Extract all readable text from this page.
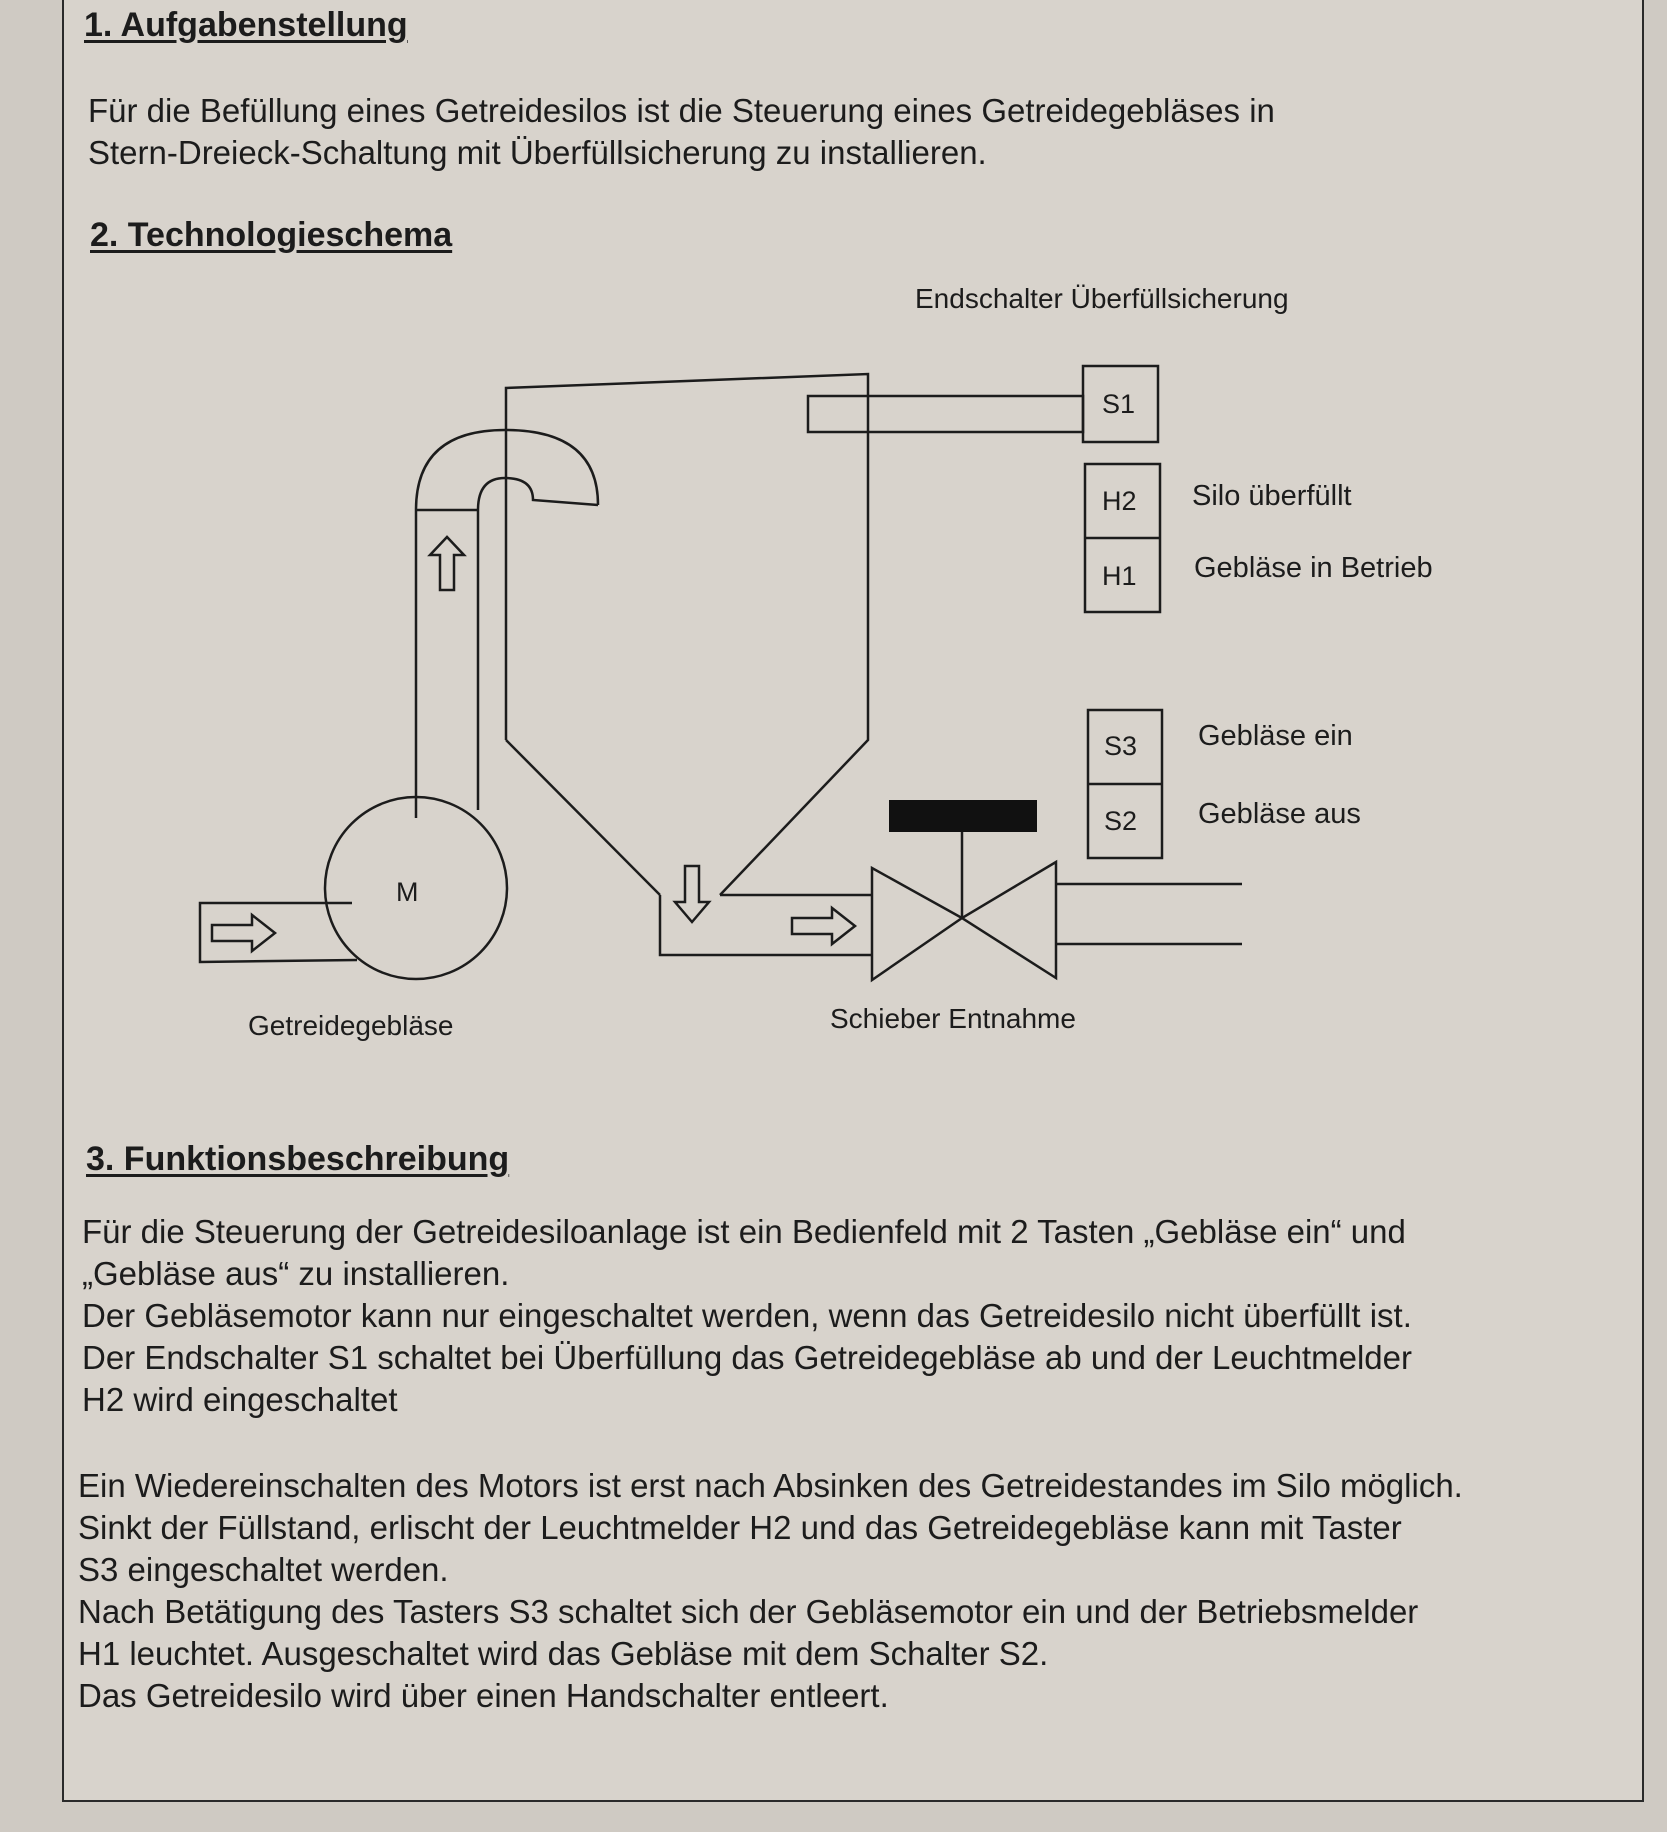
1. Aufgabenstellung
Für die Befüllung eines Getreidesilos ist die Steuerung eines Getreidegebläses in
Stern-Dreieck-Schaltung mit Überfüllsicherung zu installieren.
2. Technologieschema
Endschalter Überfüllsicherung
Silo überfüllt
Gebläse in Betrieb
Gebläse ein
Gebläse aus
Getreidegebläse	Schieber Entnahme
M
S1
H2
H1
S3
S2
3. Funktionsbeschreibung
Für die Steuerung der Getreidesiloanlage ist ein Bedienfeld mit 2 Tasten „Gebläse ein“ und
„Gebläse aus“ zu installieren.
Der Gebläsemotor kann nur eingeschaltet werden, wenn das Getreidesilo nicht überfüllt ist.
Der Endschalter S1 schaltet bei Überfüllung das Getreidegebläse ab und der Leuchtmelder
H2 wird eingeschaltet
Ein Wiedereinschalten des Motors ist erst nach Absinken des Getreidestandes im Silo möglich.
Sinkt der Füllstand, erlischt der Leuchtmelder H2 und das Getreidegebläse kann mit Taster
S3 eingeschaltet werden.
Nach Betätigung des Tasters S3 schaltet sich der Gebläsemotor ein und der Betriebsmelder
H1 leuchtet. Ausgeschaltet wird das Gebläse mit dem Schalter S2.
Das Getreidesilo wird über einen Handschalter entleert.
